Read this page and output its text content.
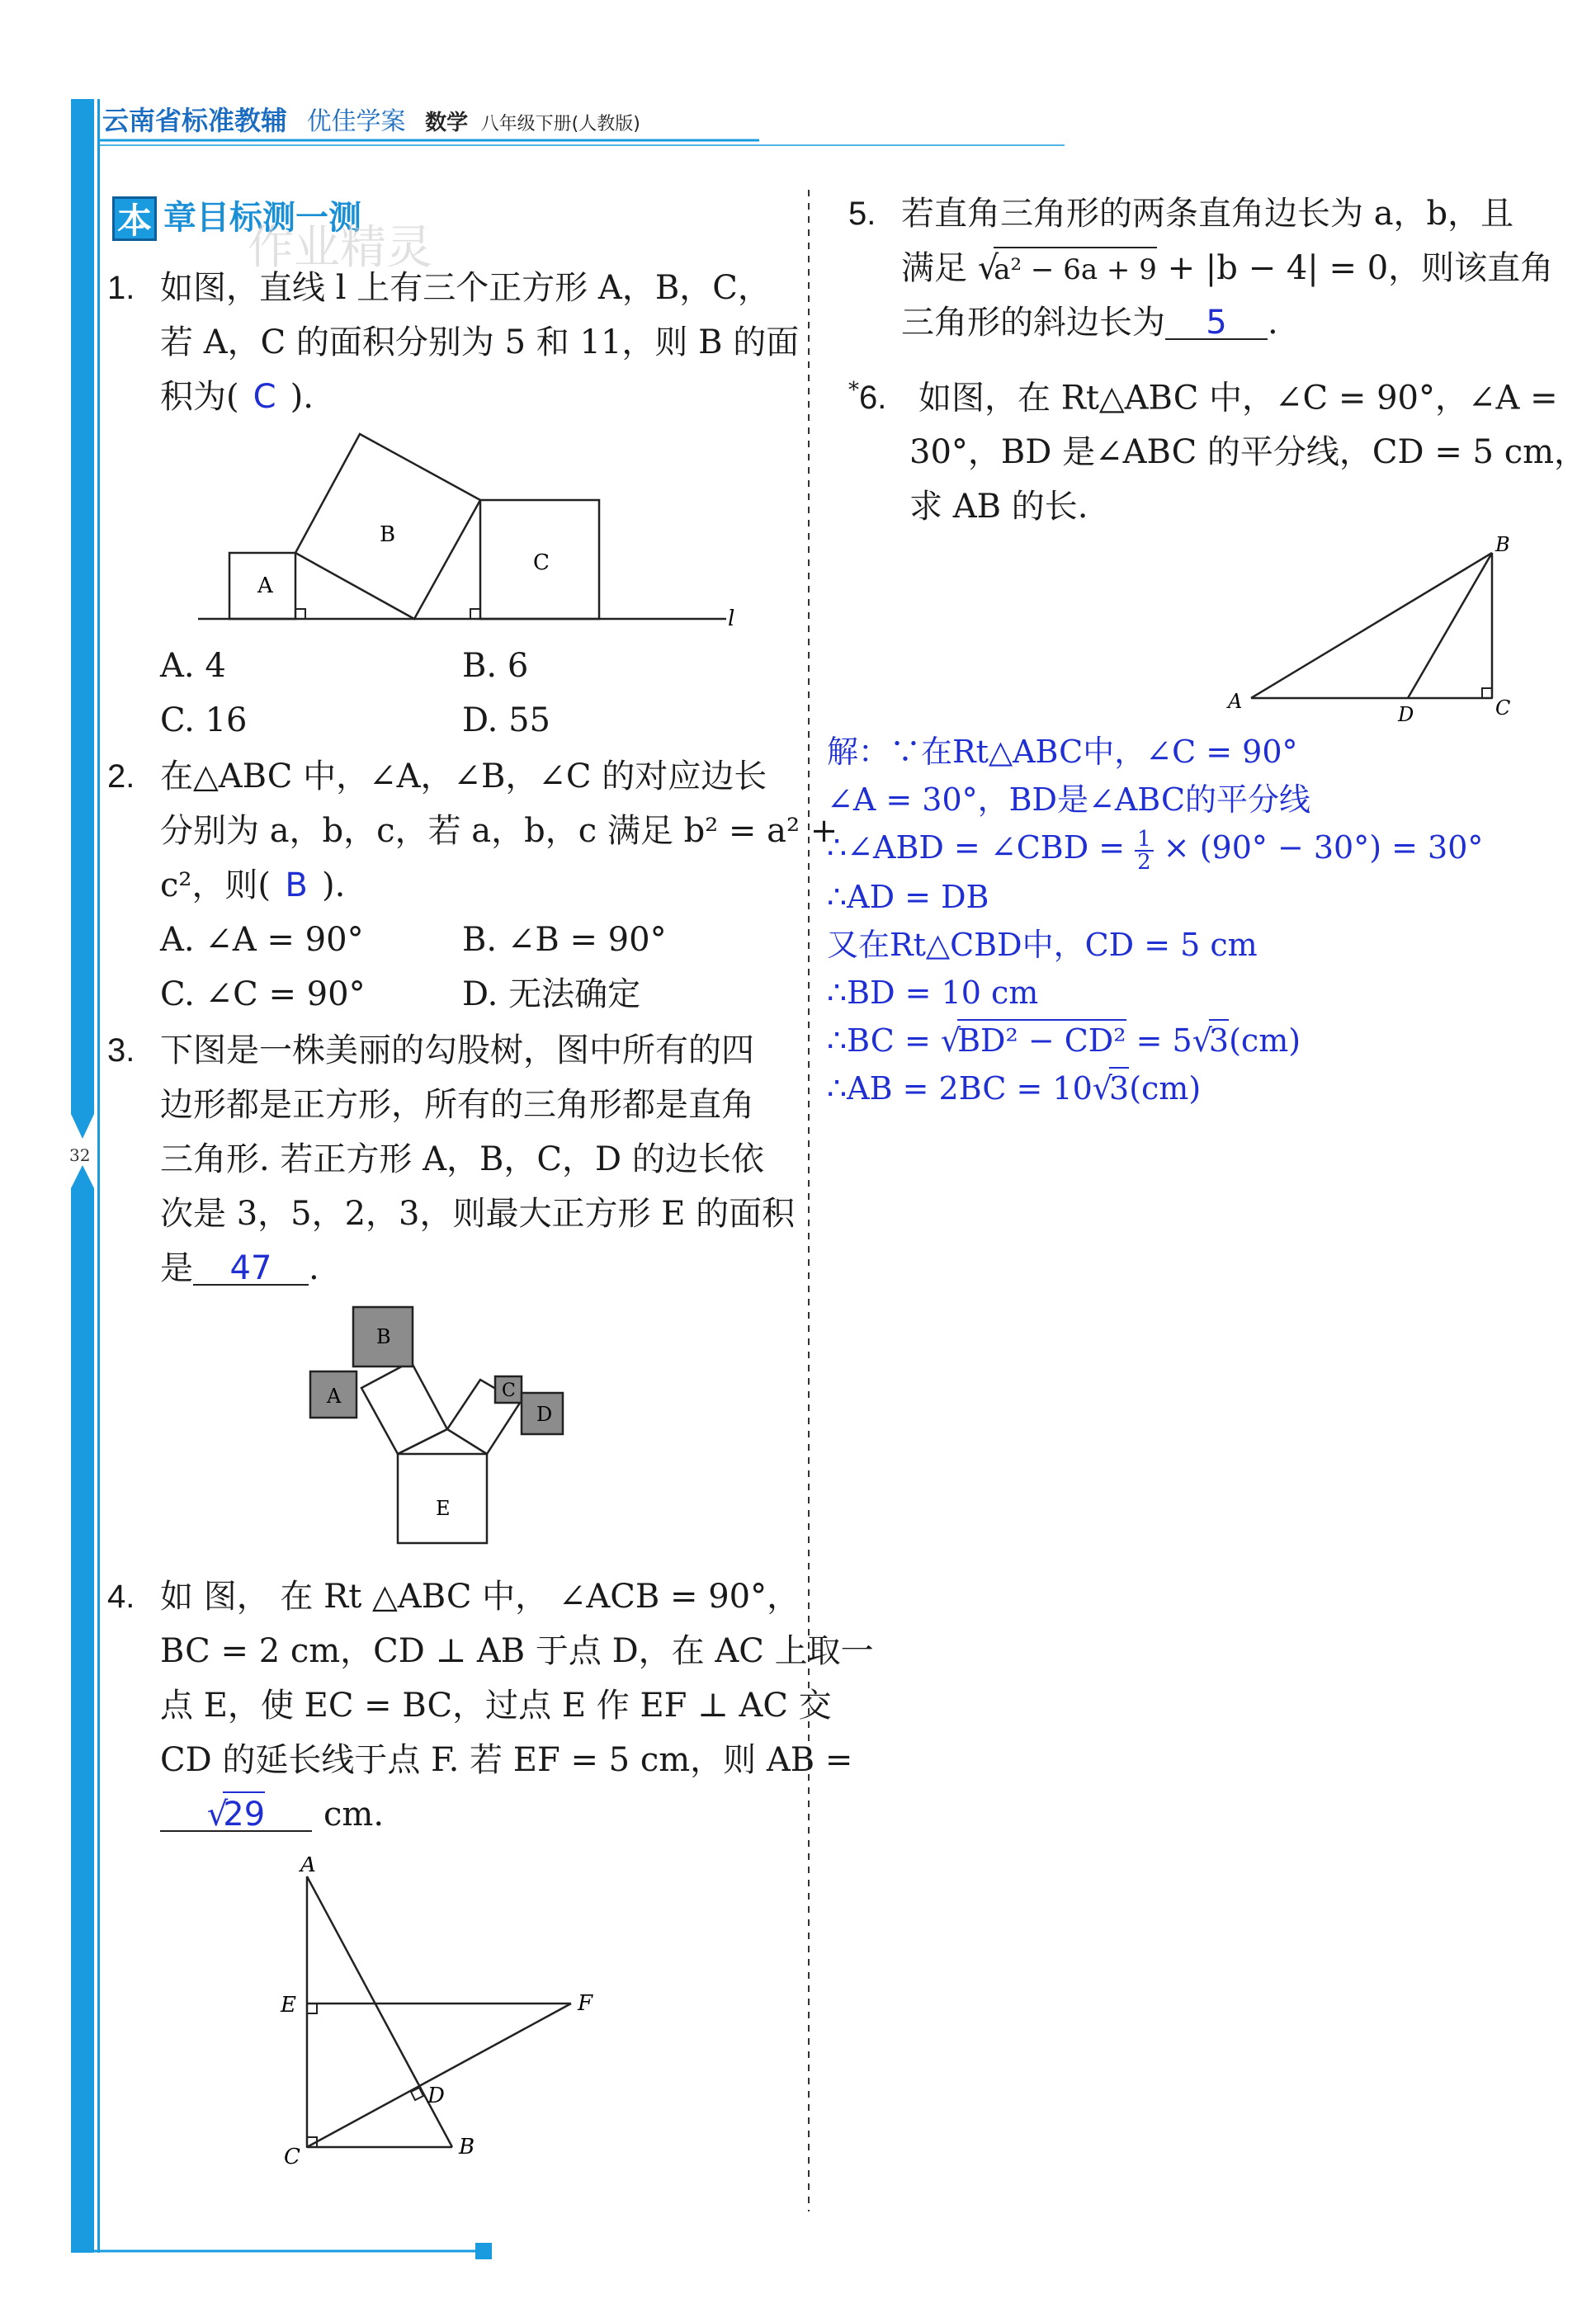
云南省标准教辅 优佳学案 数学 八年级下册(人教版)
32
本 章目标测一测
作业精灵
1. 如图，直线 l 上有三个正方形 A，B，C，
若 A，C 的面积分别为 5 和 11，则 B 的面
积为( C ).
A
B
C
l
A. 4	B. 6
C. 16	D. 55
2. 在△ABC 中，∠A，∠B，∠C 的对应边长
分别为 a，b，c，若 a，b，c 满足 b² = a² +
c²，则( B ).
A. ∠A = 90°	B. ∠B = 90°
C. ∠C = 90°	D. 无法确定
3. 下图是一株美丽的勾股树，图中所有的四
边形都是正方形，所有的三角形都是直角
三角形. 若正方形 A，B，C，D 的边长依
次是 3，5，2，3，则最大正方形 E 的面积
是 47 .
A
B
C
D
E
4. 如 图， 在 Rt △ABC 中， ∠ACB = 90°，
BC = 2 cm，CD ⊥ AB 于点 D，在 AC 上取一
点 E，使 EC = BC，过点 E 作 EF ⊥ AC 交
CD 的延长线于点 F. 若 EF = 5 cm，则 AB =
√29 cm.
A
E	F
D
C	B
5. 若直角三角形的两条直角边长为 a，b，且
满足 √a² − 6a + 9 + |b − 4| = 0，则该直角
三角形的斜边长为 5 .
*6. 如图，在 Rt△ABC 中，∠C = 90°，∠A =
30°，BD 是∠ABC 的平分线，CD = 5 cm，
求 AB 的长.
B
A
D	C
解：∵在Rt△ABC中，∠C = 90°
∠A = 30°，BD是∠ABC的平分线
∴∠ABD = ∠CBD = $\frac{1}{2} \times (90^\circ - 30^\circ) = 30^\circ$
∴AD = DB
又在Rt△CBD中，CD = 5 cm
∴BD = 10 cm
∴BC = √BD² − CD² = 5√3(cm)
∴AB = 2BC = 10√3(cm)
